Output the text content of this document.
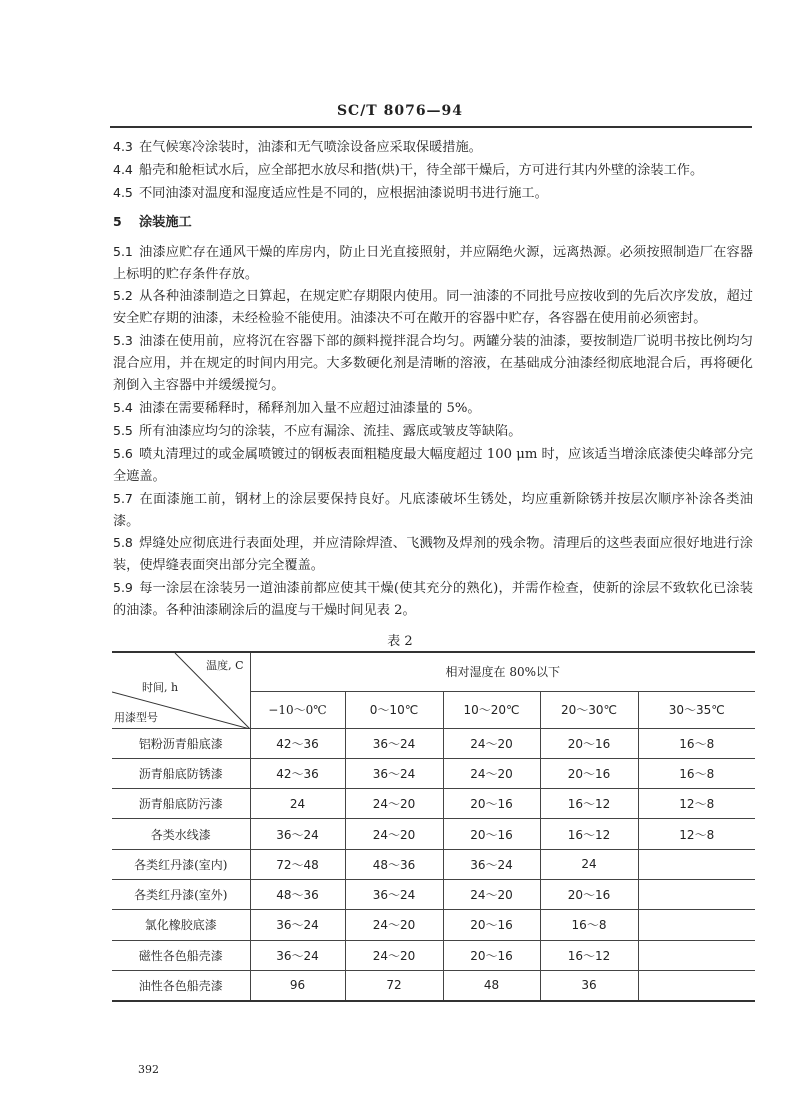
SC/T 8076—94
4.3 在气候寒冷涂装时，油漆和无气喷涂设备应采取保暖措施。
4.4 船壳和舱柜试水后，应全部把水放尽和揩(烘)干，待全部干燥后，方可进行其内外壁的涂装工作。
4.5 不同油漆对温度和湿度适应性是不同的，应根据油漆说明书进行施工。
5 涂装施工
5.1 油漆应贮存在通风干燥的库房内，防止日光直接照射，并应隔绝火源，远离热源。必须按照制造厂在容器上标明的贮存条件存放。
5.2 从各种油漆制造之日算起，在规定贮存期限内使用。同一油漆的不同批号应按收到的先后次序发放，超过安全贮存期的油漆，未经检验不能使用。油漆决不可在敞开的容器中贮存，各容器在使用前必须密封。
5.3 油漆在使用前，应将沉在容器下部的颜料搅拌混合均匀。两罐分装的油漆，要按制造厂说明书按比例均匀混合应用，并在规定的时间内用完。大多数硬化剂是清晰的溶液，在基础成分油漆经彻底地混合后，再将硬化剂倒入主容器中并缓缓搅匀。
5.4 油漆在需要稀释时，稀释剂加入量不应超过油漆量的 5%。
5.5 所有油漆应均匀的涂装，不应有漏涂、流挂、露底或皱皮等缺陷。
5.6 喷丸清理过的或金属喷镀过的钢板表面粗糙度最大幅度超过 100 μm 时，应该适当增涂底漆使尖峰部分完全遮盖。
5.7 在面漆施工前，钢材上的涂层要保持良好。凡底漆破坏生锈处，均应重新除锈并按层次顺序补涂各类油漆。
5.8 焊缝处应彻底进行表面处理，并应清除焊渣、飞溅物及焊剂的残余物。清理后的这些表面应很好地进行涂装，使焊缝表面突出部分完全覆盖。
5.9 每一涂层在涂装另一道油漆前都应使其干燥(使其充分的熟化)，并需作检查，使新的涂层不致软化已涂装的油漆。各种油漆刷涂后的温度与干燥时间见表 2。
表 2
温度, C
时间, h
用漆型号	相对湿度在 80%以下				
	−10～0℃	0～10℃	10～20℃	20～30℃	30～35℃
铝粉沥青船底漆	42～36	36～24	24～20	20～16	16～8
沥青船底防锈漆	42～36	36～24	24～20	20～16	16～8
沥青船底防污漆	24	24～20	20～16	16～12	12～8
各类水线漆	36～24	24～20	20～16	16～12	12～8
各类红丹漆(室内)	72～48	48～36	36～24	24	
各类红丹漆(室外)	48～36	36～24	24～20	20～16	
氯化橡胶底漆	36～24	24～20	20～16	16～8	
磁性各色船壳漆	36～24	24～20	20～16	16～12	
油性各色船壳漆	96	72	48	36	
392
